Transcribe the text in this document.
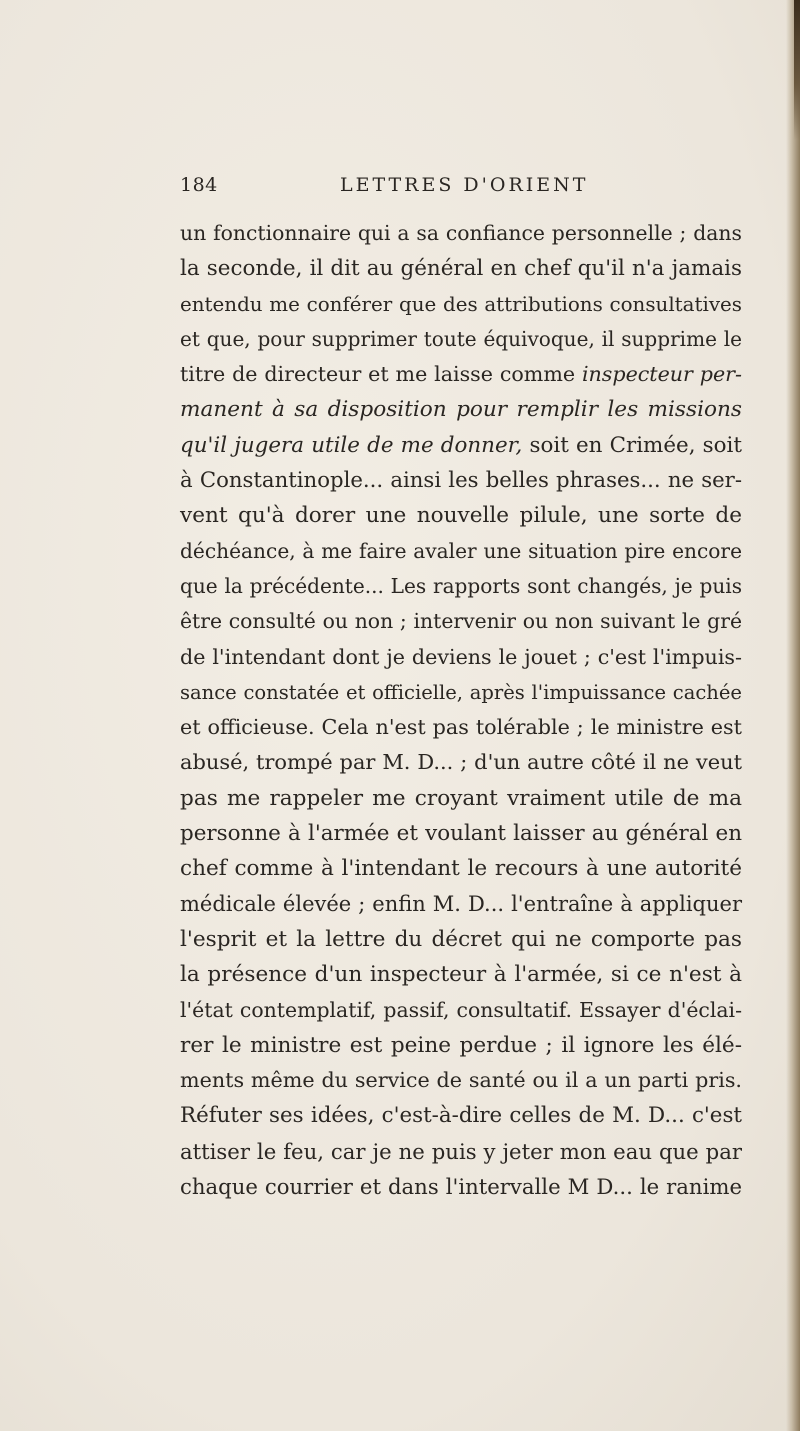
184	LETTRES D'ORIENT
un fonctionnaire qui a sa confiance personnelle ; dans
la seconde, il dit au général en chef qu'il n'a jamais
entendu me conférer que des attributions consultatives
et que, pour supprimer toute équivoque, il supprime le
titre de directeur et me laisse comme inspecteur per-
manent à sa disposition pour remplir les missions
qu'il jugera utile de me donner, soit en Crimée, soit
à Constantinople... ainsi les belles phrases... ne ser-
vent qu'à dorer une nouvelle pilule, une sorte de
déchéance, à me faire avaler une situation pire encore
que la précédente... Les rapports sont changés, je puis
être consulté ou non ; intervenir ou non suivant le gré
de l'intendant dont je deviens le jouet ; c'est l'impuis-
sance constatée et officielle, après l'impuissance cachée
et officieuse. Cela n'est pas tolérable ; le ministre est
abusé, trompé par M. D... ; d'un autre côté il ne veut
pas me rappeler me croyant vraiment utile de ma
personne à l'armée et voulant laisser au général en
chef comme à l'intendant le recours à une autorité
médicale élevée ; enfin M. D... l'entraîne à appliquer
l'esprit et la lettre du décret qui ne comporte pas
la présence d'un inspecteur à l'armée, si ce n'est à
l'état contemplatif, passif, consultatif. Essayer d'éclai-
rer le ministre est peine perdue ; il ignore les élé-
ments même du service de santé ou il a un parti pris.
Réfuter ses idées, c'est-à-dire celles de M. D... c'est
attiser le feu, car je ne puis y jeter mon eau que par
chaque courrier et dans l'intervalle M D... le ranime
